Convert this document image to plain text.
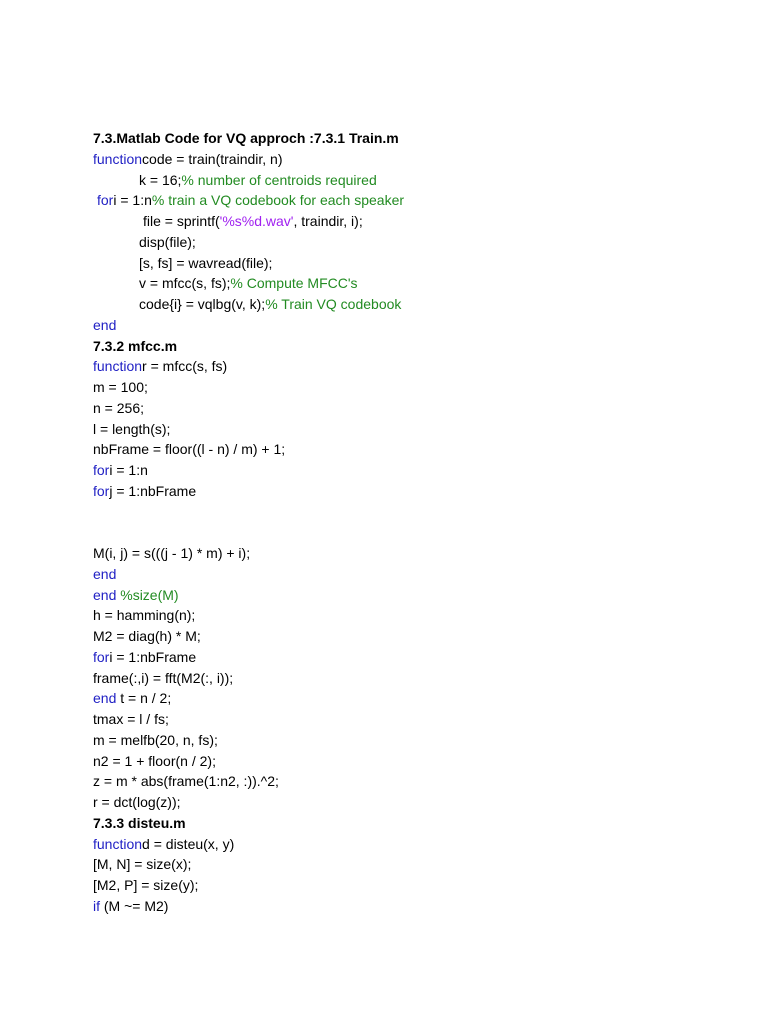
7.3.Matlab Code for VQ approch :7.3.1 Train.m
functioncode = train(traindir, n)
k = 16;% number of centroids required
fori = 1:n% train a VQ codebook for each speaker
file = sprintf('%s%d.wav', traindir, i);
disp(file);
[s, fs] = wavread(file);
v = mfcc(s, fs);% Compute MFCC's
code{i} = vqlbg(v, k);% Train VQ codebook
end
7.3.2 mfcc.m
functionr = mfcc(s, fs)
m = 100;
n = 256;
l = length(s);
nbFrame = floor((l - n) / m) + 1;
fori = 1:n
forj = 1:nbFrame
M(i, j) = s(((j - 1) * m) + i);
end
end %size(M)
h = hamming(n);
M2 = diag(h) * M;
fori = 1:nbFrame
frame(:,i) = fft(M2(:, i));
end t = n / 2;
tmax = l / fs;
m = melfb(20, n, fs);
n2 = 1 + floor(n / 2);
z = m * abs(frame(1:n2, :)).^2;
r = dct(log(z));
7.3.3 disteu.m
functiond = disteu(x, y)
[M, N] = size(x);
[M2, P] = size(y);
if (M ~= M2)
